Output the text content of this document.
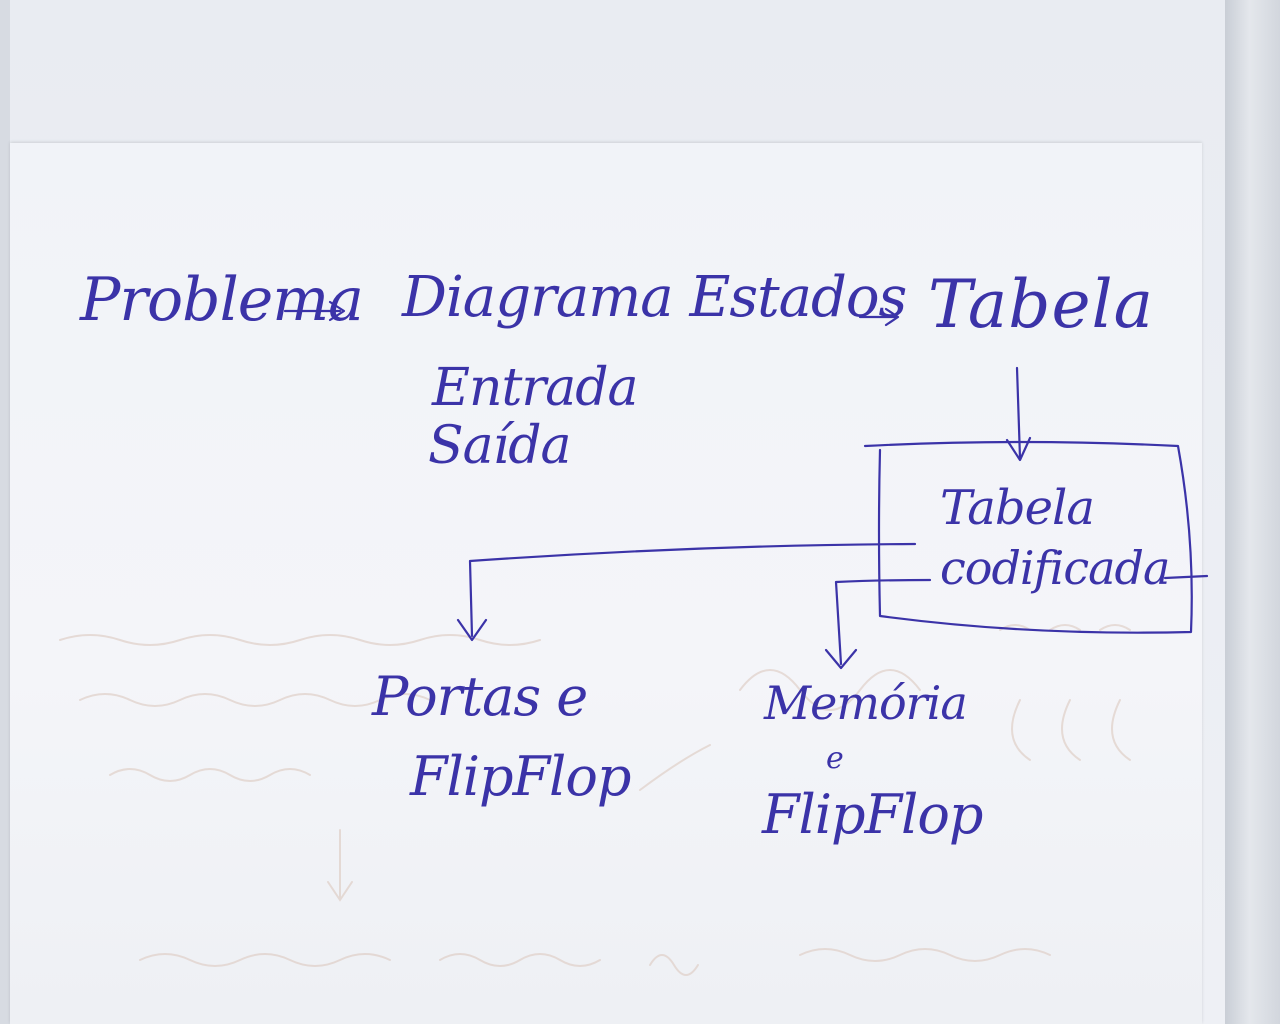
Problema Diagrama Estados Tabela
Entrada
Saída
Tabela
codificada
Portas e
FlipFlop
Memória
e
FlipFlop
